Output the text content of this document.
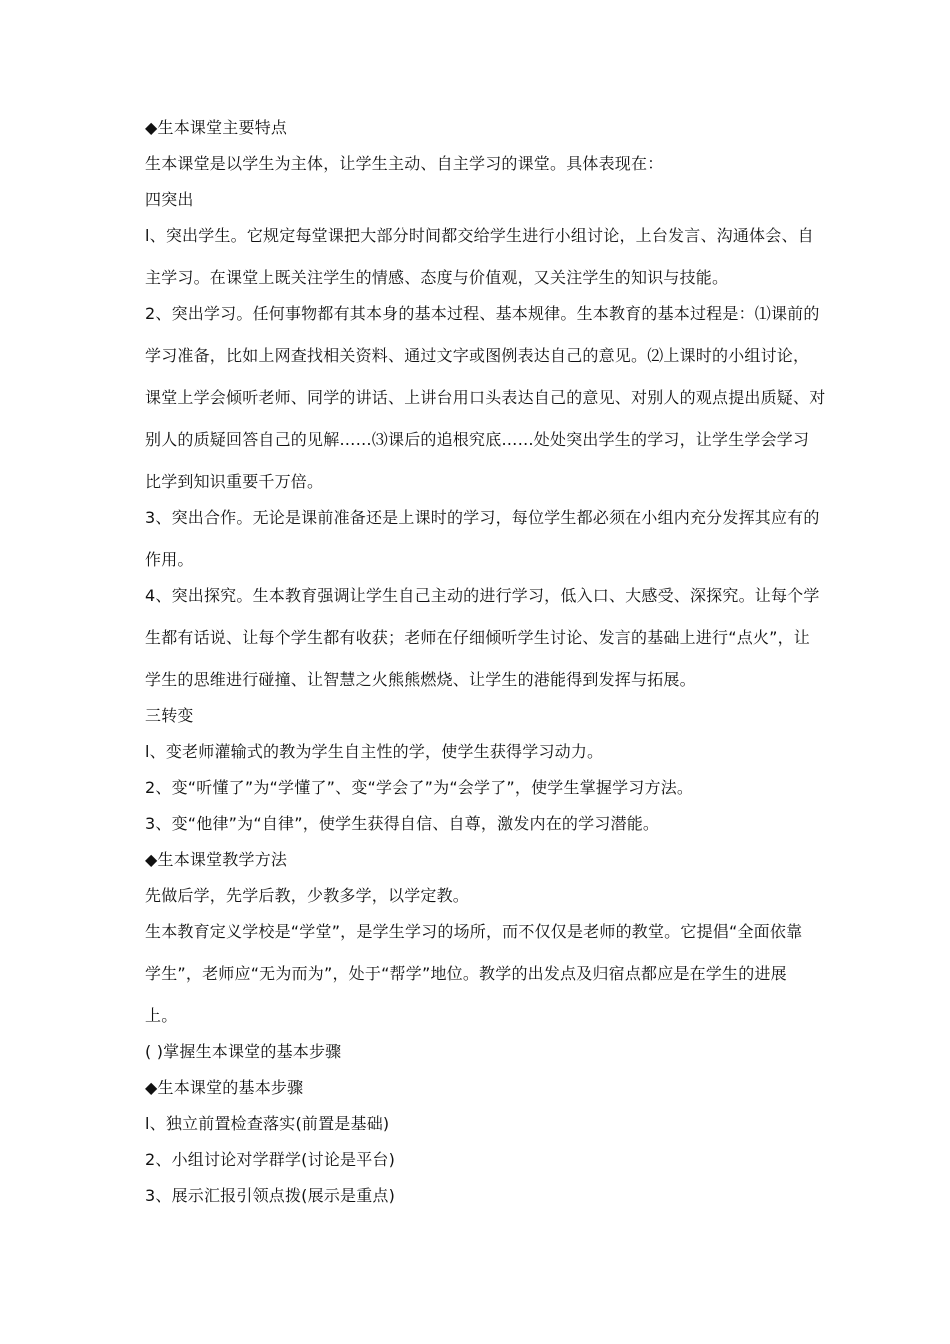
◆生本课堂主要特点

生本课堂是以学生为主体，让学生主动、自主学习的课堂。具体表现在：

四突出

l、突出学生。它规定每堂课把大部分时间都交给学生进行小组讨论，上台发言、沟通体会、自

主学习。在课堂上既关注学生的情感、态度与价值观，又关注学生的知识与技能。

2、突出学习。任何事物都有其本身的基本过程、基本规律。生本教育的基本过程是：⑴课前的

学习准备，比如上网查找相关资料、通过文字或图例表达自己的意见。⑵上课时的小组讨论，

课堂上学会倾听老师、同学的讲话、上讲台用口头表达自己的意见、对别人的观点提出质疑、对

别人的质疑回答自己的见解……⑶课后的追根究底……处处突出学生的学习，让学生学会学习

比学到知识重要千万倍。

3、突出合作。无论是课前准备还是上课时的学习，每位学生都必须在小组内充分发挥其应有的

作用。

4、突出探究。生本教育强调让学生自己主动的进行学习，低入口、大感受、深探究。让每个学

生都有话说、让每个学生都有收获；老师在仔细倾听学生讨论、发言的基础上进行“点火”，让

学生的思维进行碰撞、让智慧之火熊熊燃烧、让学生的港能得到发挥与拓展。

三转变

l、变老师灌输式的教为学生自主性的学，使学生获得学习动力。

2、变“听懂了”为“学懂了”、变“学会了”为“会学了”，使学生掌握学习方法。

3、变“他律”为“自律”，使学生获得自信、自尊，激发内在的学习潜能。

◆生本课堂教学方法

先做后学，先学后教，少教多学，以学定教。

生本教育定义学校是“学堂”，是学生学习的场所，而不仅仅是老师的教堂。它提倡“全面依靠

学生”，老师应“无为而为”，处于“帮学”地位。教学的出发点及归宿点都应是在学生的进展

上。

( )掌握生本课堂的基本步骤

◆生本课堂的基本步骤

l、独立前置检查落实(前置是基础)

2、小组讨论对学群学(讨论是平台)

3、展示汇报引领点拨(展示是重点)
